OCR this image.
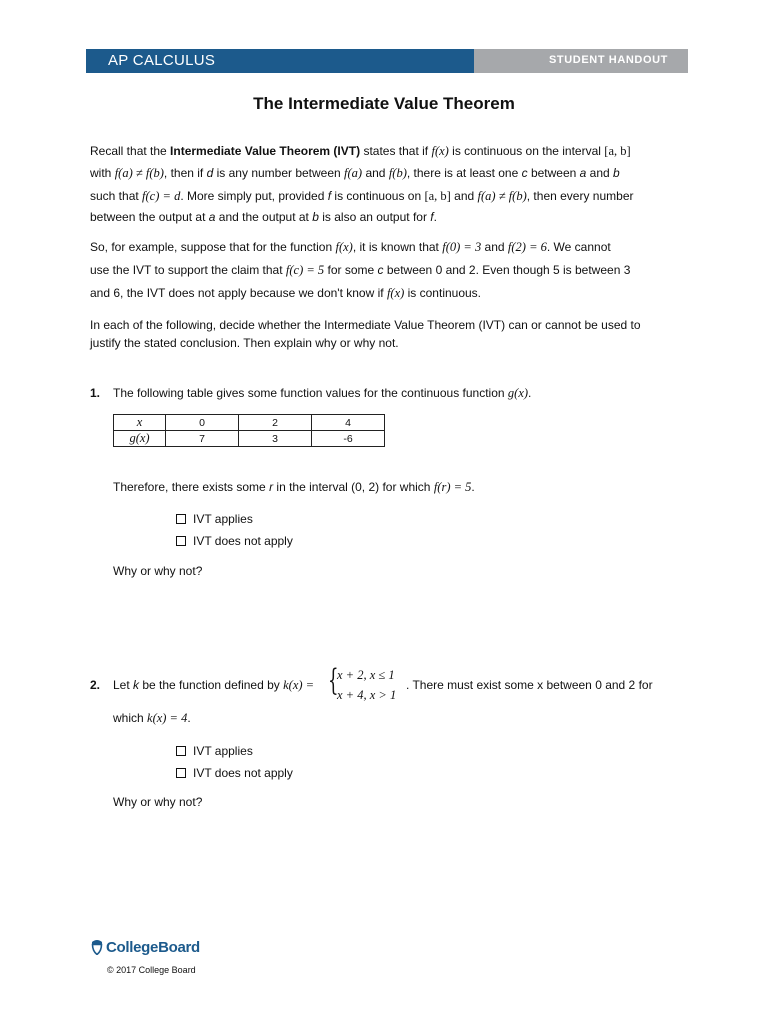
AP CALCULUS	STUDENT HANDOUT
The Intermediate Value Theorem
Recall that the Intermediate Value Theorem (IVT) states that if f(x) is continuous on the interval [a, b]
with f(a) ≠ f(b), then if d is any number between f(a) and f(b), there is at least one c between a and b
such that f(c) = d. More simply put, provided f is continuous on [a, b] and f(a) ≠ f(b), then every number
between the output at a and the output at b is also an output for f.
So, for example, suppose that for the function f(x), it is known that f(0) = 3 and f(2) = 6. We cannot
use the IVT to support the claim that f(c) = 5 for some c between 0 and 2. Even though 5 is between 3
and 6, the IVT does not apply because we don't know if f(x) is continuous.
In each of the following, decide whether the Intermediate Value Theorem (IVT) can or cannot be used to
justify the stated conclusion. Then explain why or why not.
1. The following table gives some function values for the continuous function g(x).
x	0	2	4
g(x)	7	3	-6
Therefore, there exists some r in the interval (0, 2) for which f(r) = 5.
IVT applies
IVT does not apply
Why or why not?
2. Let k be the function defined by k(x) = {
x + 2, x ≤ 1
x + 4, x > 1
. There must exist some x between 0 and 2 for
which k(x) = 4.
IVT applies
IVT does not apply
Why or why not?
CollegeBoard
© 2017 College Board
